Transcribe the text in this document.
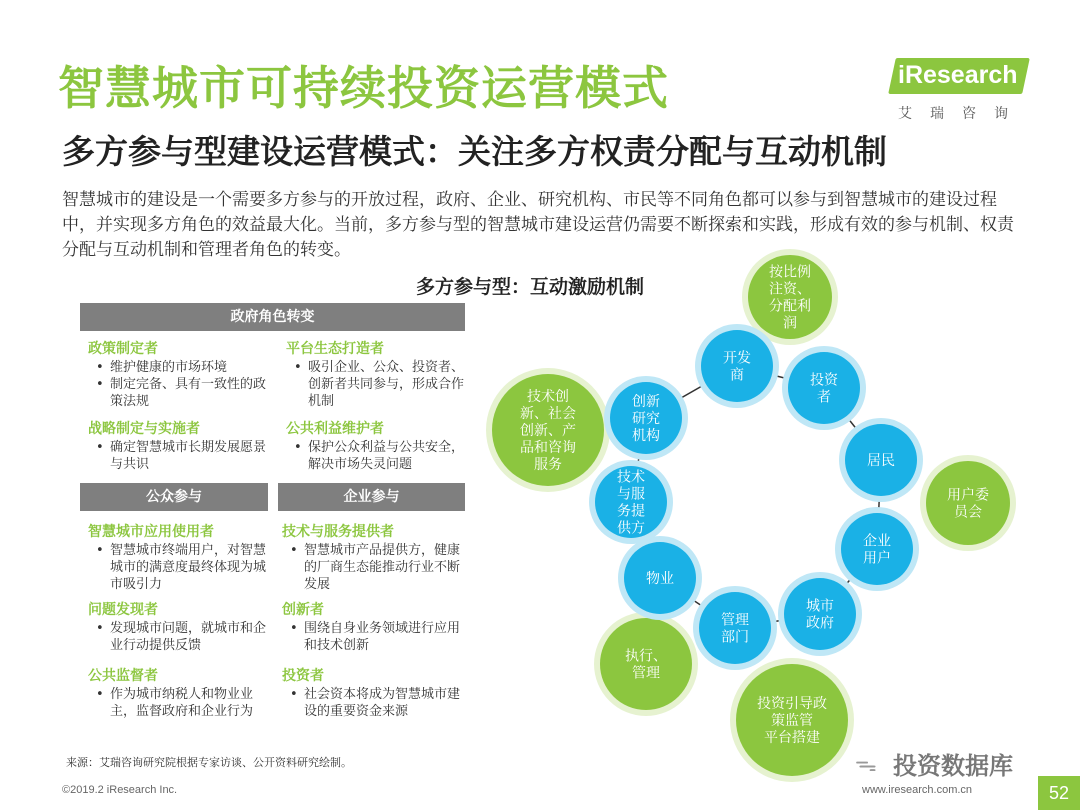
智慧城市可持续投资运营模式
多方参与型建设运营模式：关注多方权责分配与互动机制
iResearch
艾瑞咨询

智慧城市的建设是一个需要多方参与的开放过程，政府、企业、研究机构、市民等不同角色都可以参与到智慧城市的建设过程中，并实现多方角色的效益最大化。当前，多方参与型的智慧城市建设运营仍需要不断探索和实践，形成有效的参与机制、权责分配与互动机制和管理者角色的转变。

多方参与型：互动激励机制
政府角色转变
政策制定者
• 维护健康的市场环境
• 制定完备、具有一致性的政策法规
平台生态打造者
• 吸引企业、公众、投资者、创新者共同参与，形成合作机制
战略制定与实施者
• 确定智慧城市长期发展愿景与共识
公共利益维护者
• 保护公众利益与公共安全，解决市场失灵问题
公众参与	企业参与
智慧城市应用使用者
• 智慧城市终端用户，对智慧城市的满意度最终体现为城市吸引力
技术与服务提供者
• 智慧城市产品提供方，健康的厂商生态能推动行业不断发展
问题发现者
• 发现城市问题，就城市和企业行动提供反馈
创新者
• 围绕自身业务领域进行应用和技术创新
公共监督者
• 作为城市纳税人和物业业主，监督政府和企业行为
投资者
• 社会资本将成为智慧城市建设的重要资金来源
按比例
注资、
分配利
润
用户委
员会
投资引导政
策监管
平台搭建
执行、
管理
技术创
新、社会
创新、产
品和咨询
服务
开发
商	投资
者
居民
企业
用户
城市
政府
管理
部门
物业
技术
与服
务提
供方
创新
研究
机构
来源：艾瑞咨询研究院根据专家访谈、公开资料研究绘制。	ᯓ 投资数据库
©2019.2 iResearch Inc.	www.iresearch.com.cn	52
